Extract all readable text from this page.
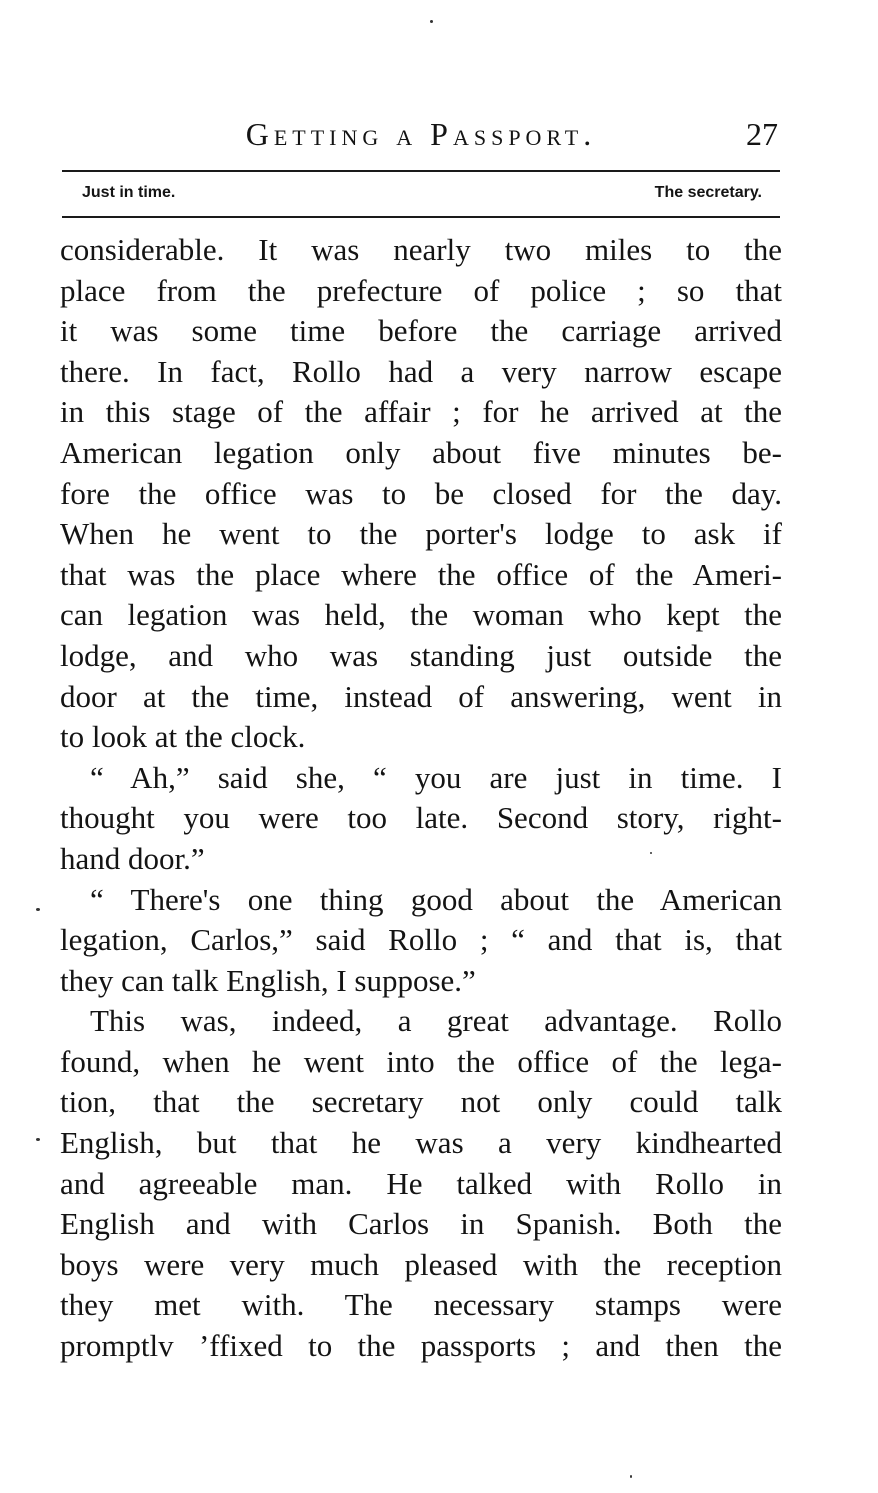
Getting a Passport.	27
Just in time.	The secretary.
considerable. It was nearly two miles to the
place from the prefecture of police ; so that
it was some time before the carriage arrived
there. In fact, Rollo had a very narrow escape
in this stage of the affair ; for he arrived at the
American legation only about five minutes be-
fore the office was to be closed for the day.
When he went to the porter's lodge to ask if
that was the place where the office of the Ameri-
can legation was held, the woman who kept the
lodge, and who was standing just outside the
door at the time, instead of answering, went in
to look at the clock.
“ Ah,” said she, “ you are just in time. I
thought you were too late. Second story, right-
hand door.”
“ There's one thing good about the American
legation, Carlos,” said Rollo ; “ and that is, that
they can talk English, I suppose.”
This was, indeed, a great advantage. Rollo
found, when he went into the office of the lega-
tion, that the secretary not only could talk
English, but that he was a very kindhearted
and agreeable man. He talked with Rollo in
English and with Carlos in Spanish. Both the
boys were very much pleased with the reception
they met with. The necessary stamps were
promptlv ’ffixed to the passports ; and then the
